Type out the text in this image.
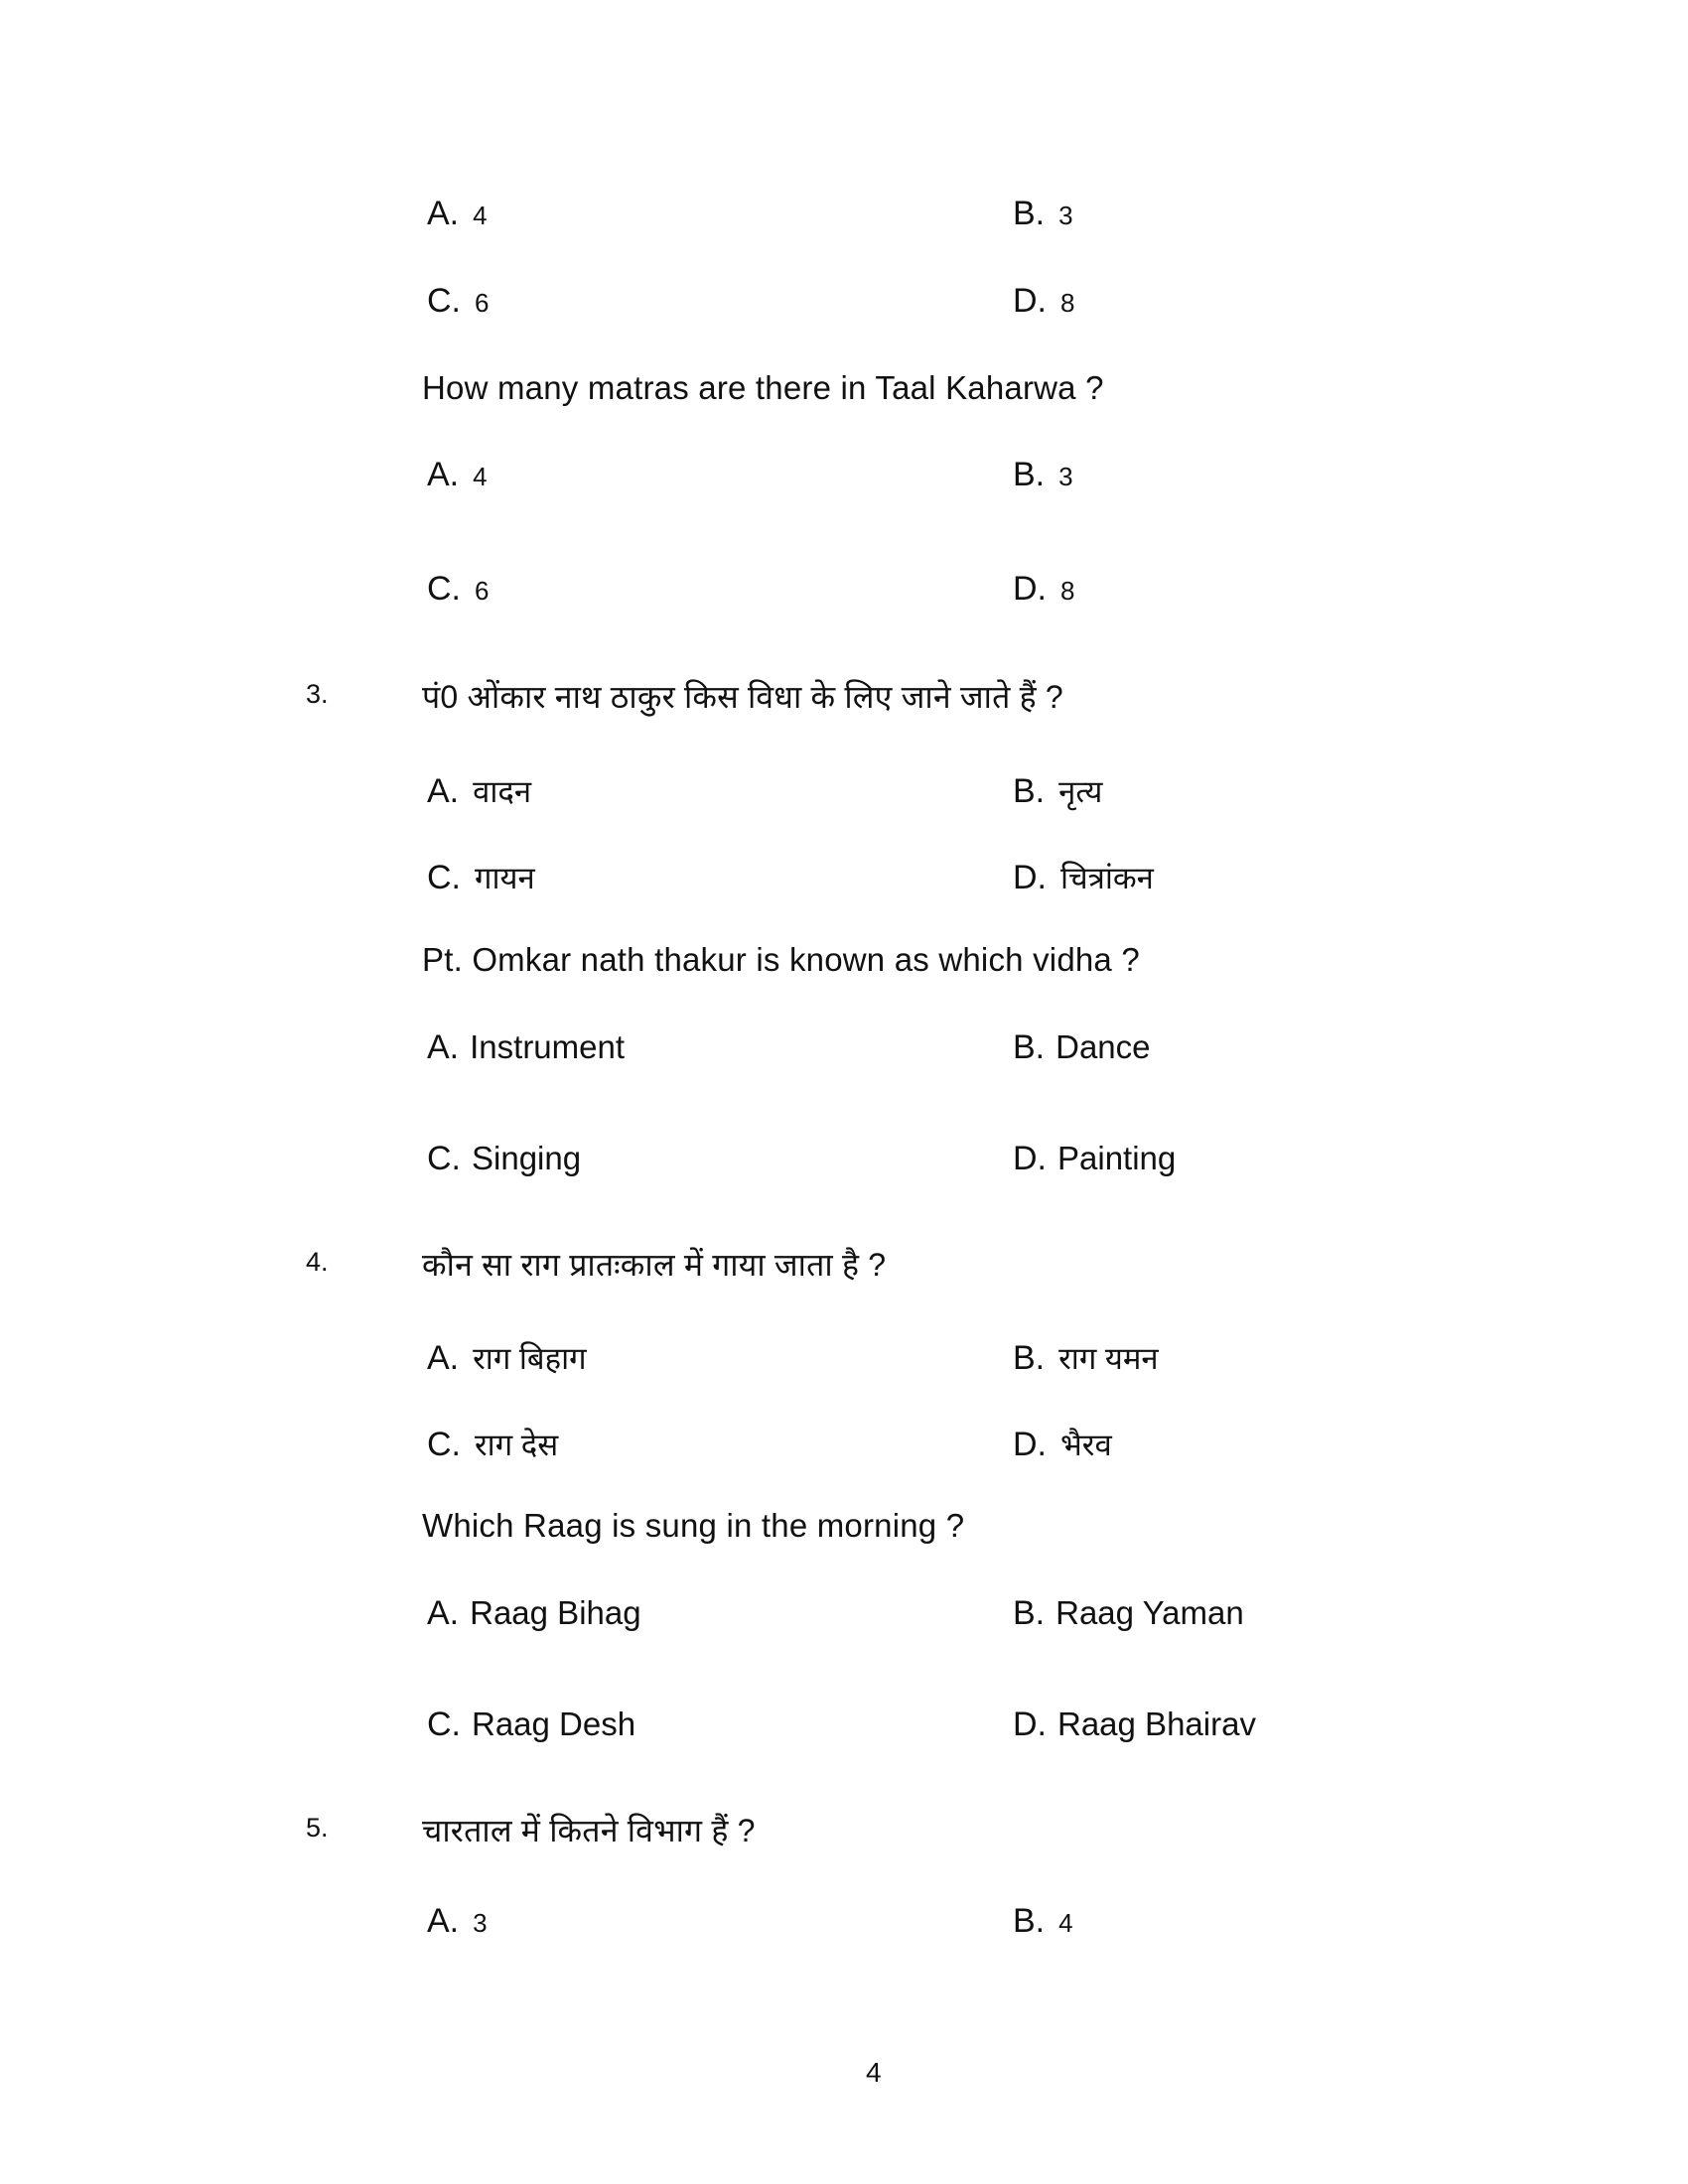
A. 4	B. 3
C. 6	D. 8
How many matras are there in Taal Kaharwa ?
A. 4	B. 3
C. 6	D. 8
3.	पं0 ओंकार नाथ ठाकुर किस विधा के लिए जाने जाते हैं ?
A. वादन	B. नृत्य
C. गायन	D. चित्रांकन
Pt. Omkar nath thakur is known as which vidha ?
A. Instrument	B. Dance
C. Singing	D. Painting
4.	कौन सा राग प्रातःकाल में गाया जाता है ?
A. राग बिहाग	B. राग यमन
C. राग देस	D. भैरव
Which Raag is sung in the morning ?
A. Raag Bihag	B. Raag Yaman
C. Raag Desh	D. Raag Bhairav
5.	चारताल में कितने विभाग हैं ?
A. 3	B. 4
4
